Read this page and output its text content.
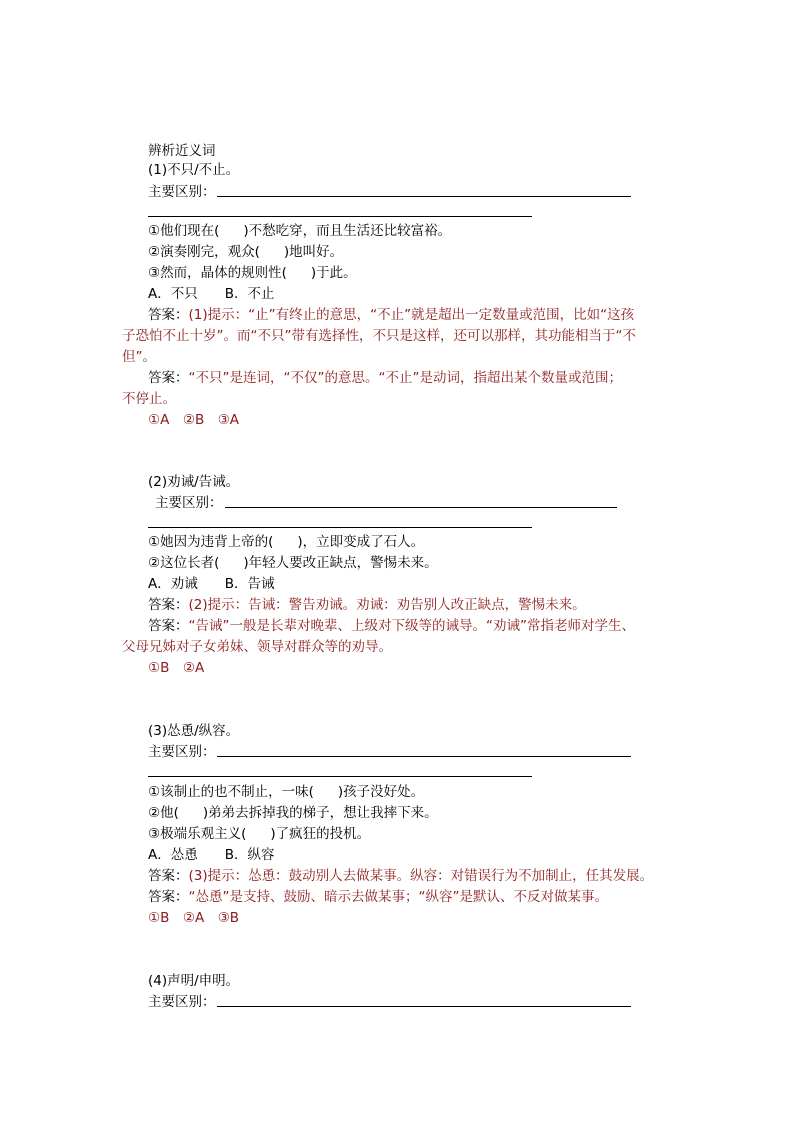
辨析近义词
(1)不只/不止。
主要区别：
①他们现在( )不愁吃穿，而且生活还比较富裕。
②演奏刚完，观众( )地叫好。
③然而，晶体的规则性( )于此。
A．不只　　B．不止
答案：(1)提示：“止”有终止的意思，“不止”就是超出一定数量或范围，比如“这孩
子恐怕不止十岁”。而“不只”带有选择性，不只是这样，还可以那样，其功能相当于“不
但”。
答案：“不只”是连词，“不仅”的意思。“不止”是动词，指超出某个数量或范围；
不停止。
①A　②B　③A
(2)劝诫/告诫。
主要区别：
①她因为违背上帝的( )，立即变成了石人。
②这位长者( )年轻人要改正缺点，警惕未来。
A．劝诫　　B．告诫
答案：(2)提示：告诫：警告劝诫。劝诫：劝告别人改正缺点，警惕未来。
答案：“告诫”一般是长辈对晚辈、上级对下级等的诫导。“劝诫”常指老师对学生、
父母兄姊对子女弟妹、领导对群众等的劝导。
①B　②A
(3)怂恿/纵容。
主要区别：
①该制止的也不制止，一味( )孩子没好处。
②他( )弟弟去拆掉我的梯子，想让我摔下来。
③极端乐观主义( )了疯狂的投机。
A．怂恿　　B．纵容
答案：(3)提示：怂恿：鼓动别人去做某事。纵容：对错误行为不加制止，任其发展。
答案：“怂恿”是支持、鼓励、暗示去做某事；“纵容”是默认、不反对做某事。
①B　②A　③B
(4)声明/申明。
主要区别：
